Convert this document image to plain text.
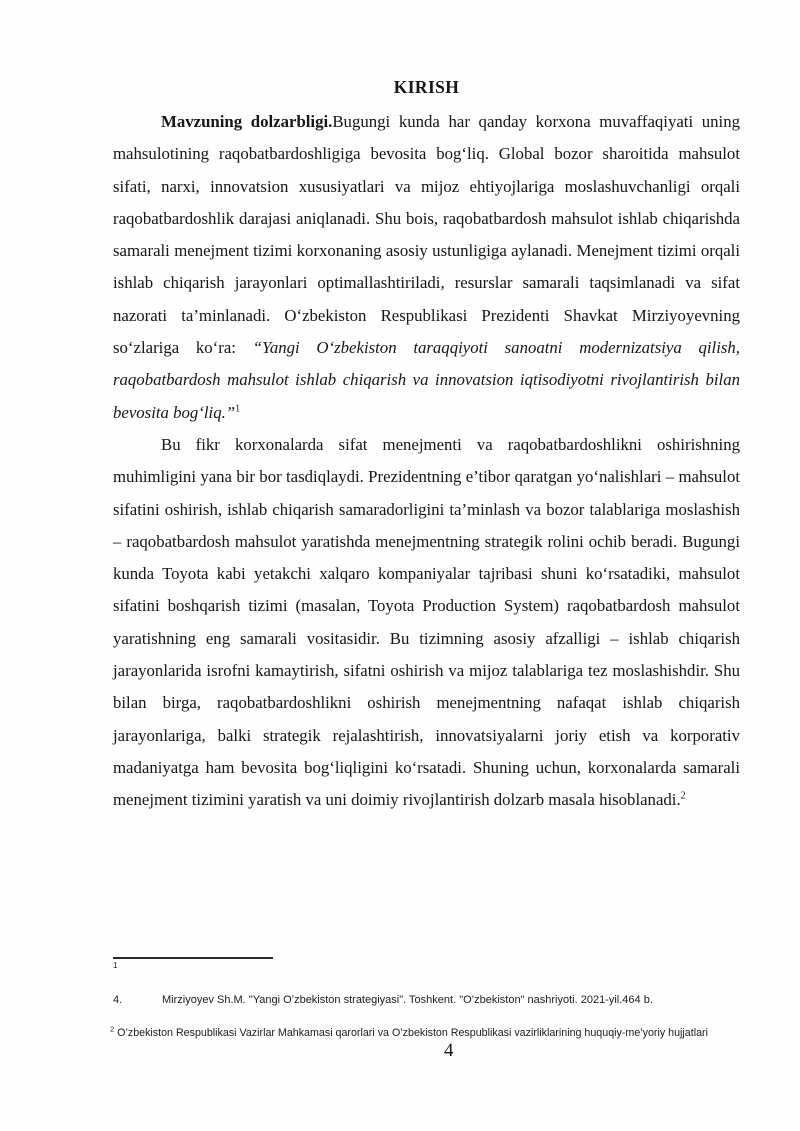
KIRISH

Mavzuning dolzarbligi.Bugungi kunda har qanday korxona muvaffaqiyati uning mahsulotining raqobatbardoshligiga bevosita bogʻliq. Global bozor sharoitida mahsulot sifati, narxi, innovatsion xususiyatlari va mijoz ehtiyojlariga moslashuvchanligi orqali raqobatbardoshlik darajasi aniqlanadi. Shu bois, raqobatbardosh mahsulot ishlab chiqarishda samarali menejment tizimi korxonaning asosiy ustunligiga aylanadi. Menejment tizimi orqali ishlab chiqarish jarayonlari optimallashtiriladi, resurslar samarali taqsimlanadi va sifat nazorati ta’minlanadi. Oʻzbekiston Respublikasi Prezidenti Shavkat Mirziyoyevning soʻzlariga koʻra: “Yangi Oʻzbekiston taraqqiyoti sanoatni modernizatsiya qilish, raqobatbardosh mahsulot ishlab chiqarish va innovatsion iqtisodiyotni rivojlantirish bilan bevosita bogʻliq.”$^1$

Bu fikr korxonalarda sifat menejmenti va raqobatbardoshlikni oshirishning muhimligini yana bir bor tasdiqlaydi. Prezidentning e’tibor qaratgan yoʻnalishlari – mahsulot sifatini oshirish, ishlab chiqarish samaradorligini ta’minlash va bozor talablariga moslashish – raqobatbardosh mahsulot yaratishda menejmentning strategik rolini ochib beradi. Bugungi kunda Toyota kabi yetakchi xalqaro kompaniyalar tajribasi shuni koʻrsatadiki, mahsulot sifatini boshqarish tizimi (masalan, Toyota Production System) raqobatbardosh mahsulot yaratishning eng samarali vositasidir. Bu tizimning asosiy afzalligi – ishlab chiqarish jarayonlarida isrofni kamaytirish, sifatni oshirish va mijoz talablariga tez moslashishdir. Shu bilan birga, raqobatbardoshlikni oshirish menejmentning nafaqat ishlab chiqarish jarayonlariga, balki strategik rejalashtirish, innovatsiyalarni joriy etish va korporativ madaniyatga ham bevosita bogʻliqligini koʻrsatadi. Shuning uchun, korxonalarda samarali menejment tizimini yaratish va uni doimiy rivojlantirish dolzarb masala hisoblanadi.$^2$

1
4.	Mirziyoyev Sh.M. "Yangi O’zbekiston strategiyasi". Toshkent. "O’zbekiston" nashriyoti. 2021-yil.464 b.
$^2$ O’zbekiston Respublikasi Vazirlar Mahkamasi qarorlari va O’zbekiston Respublikasi vazirliklarining huquqiy-me’yoriy hujjatlari
4
